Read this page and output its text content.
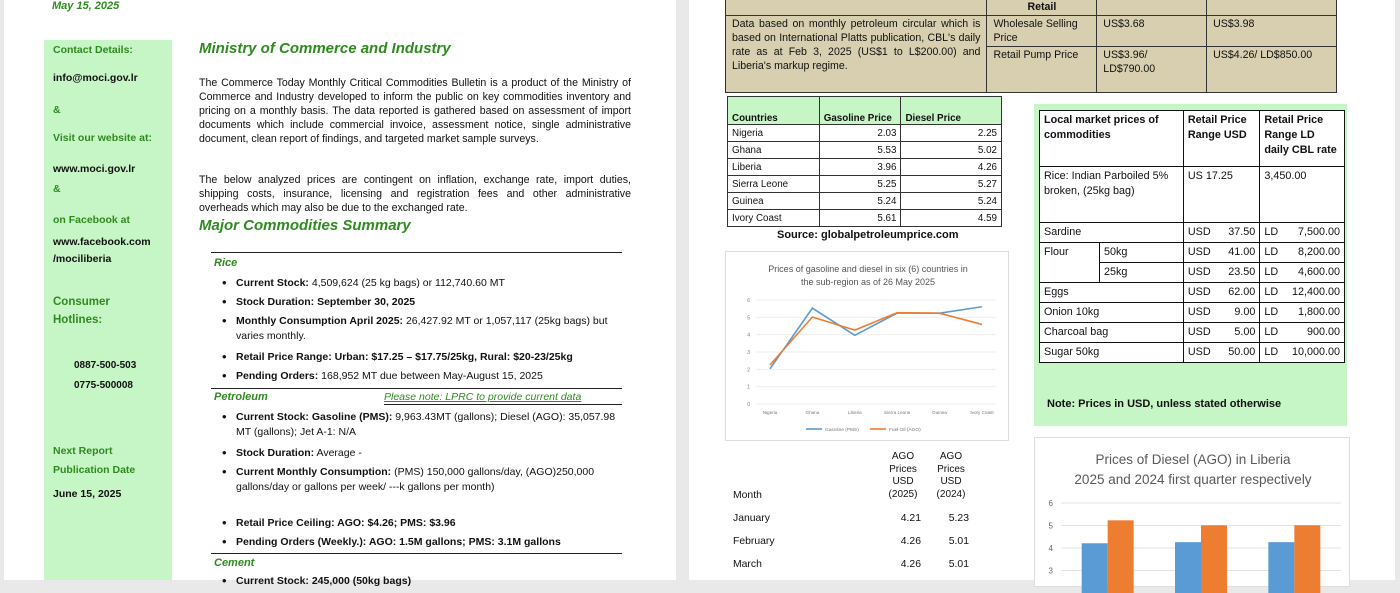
May 15, 2025
Contact Details:
info@moci.gov.lr
&
Visit our website at:
www.moci.gov.lr
&
on Facebook at
www.facebook.com
/mociliberia
Consumer
Hotlines:
0887-500-503
0775-500008
Next Report
Publication Date
June 15, 2025
Ministry of Commerce and Industry
The Commerce Today Monthly Critical Commodities Bulletin is a product of the Ministry of Commerce and Industry developed to inform the public on key commodities inventory and pricing on a monthly basis. The data reported is gathered based on assessment of import documents which include commercial invoice, assessment notice, single administrative document, clean report of findings, and targeted market sample surveys.
The below analyzed prices are contingent on inflation, exchange rate, import duties, shipping costs, insurance, licensing and registration fees and other administrative overheads which may also be due to the exchanged rate.
Major Commodities Summary
Rice
• Current Stock: 4,509,624 (25 kg bags) or 112,740.60 MT
• Stock Duration: September 30, 2025
• Monthly Consumption April 2025: 26,427.92 MT or 1,057,117 (25kg bags) but varies monthly.
• Retail Price Range: Urban: $17.25 – $17.75/25kg, Rural: $20-23/25kg
• Pending Orders: 168,952 MT due between May-August 15, 2025
Petroleum	Please note: LPRC to provide current data
• Current Stock: Gasoline (PMS): 9,963.43MT (gallons); Diesel (AGO): 35,057.98 MT (gallons); Jet A-1: N/A
• Stock Duration: Average -
• Current Monthly Consumption: (PMS) 150,000 gallons/day, (AGO)250,000 gallons/day or gallons per week/ ---k gallons per month)
• Retail Price Ceiling: AGO: $4.26; PMS: $3.96
• Pending Orders (Weekly.): AGO: 1.5M gallons; PMS: 3.1M gallons
Cement
• Current Stock: 245,000 (50kg bags)
	Retail		
Data based on monthly petroleum circular which is based on International Platts publication, CBL's daily rate as at Feb 3, 2025 (US$1 to L$200.00) and Liberia's markup regime.	Wholesale Selling Price	US$3.68	US$3.98
	Retail Pump Price	US$3.96/ LD$790.00	US$4.26/ LD$850.00
Countries	Gasoline Price	Diesel Price
Nigeria	2.03	2.25
Ghana	5.53	5.02
Liberia	3.96	4.26
Sierra Leone	5.25	5.27
Guinea	5.24	5.24
Ivory Coast	5.61	4.59
Source: globalpetroleumprice.com
Prices of gasoline and diesel in six (6) countries in
the sub-region as of 26 May 2025
0
1
2
3
4
5
6
Nigeria	Ghana	Liberia	Sierra Leone	Guinea	Ivory Coast
Gasoline (PMS)	Fuel Oil (AGO)
Month	AGO Prices USD (2025)	AGO Prices USD (2024)
January	4.21	5.23
February	4.26	5.01
March	4.26	5.01
Local market prices of commodities		Retail Price Range USD		Retail Price Range LD daily CBL rate	
Rice: Indian Parboiled 5% broken, (25kg bag)		US 17.25		3,450.00	
Sardine		USD	37.50	LD	7,500.00
Flour	50kg	USD	41.00	LD	8,200.00
	25kg	USD	23.50	LD	4,600.00
Eggs		USD	62.00	LD	12,400.00
Onion 10kg		USD	9.00	LD	1,800.00
Charcoal bag		USD	5.00	LD	900.00
Sugar 50kg		USD	50.00	LD	10,000.00
Note: Prices in USD, unless stated otherwise
Prices of Diesel (AGO) in Liberia
2025 and 2024 first quarter respectively
3
4
5
6
